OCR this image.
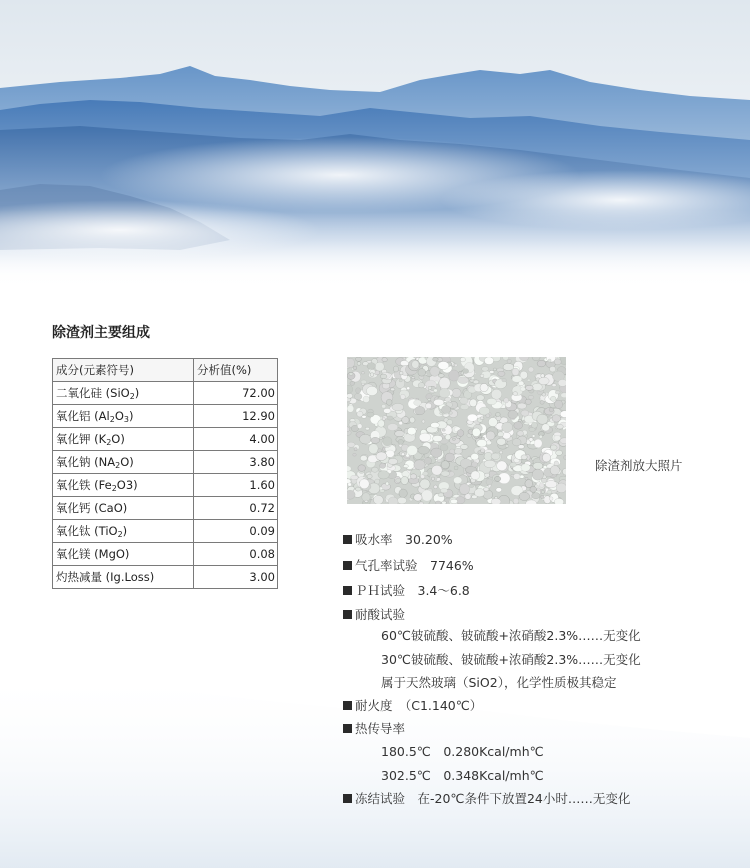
除渣剂主要组成
成分(元素符号)	分析值(%)
二氧化硅 (SiO$_2$)	72.00
氧化铝 $(Al_2O_3)$	12.90
氧化钾 $(K_2O)$	4.00
氧化钠 $(NA_2O)$	3.80
氧化铁 $(Fe_2O3)$	1.60
氧化钙 (CaO)	0.72
氧化钛 (TiO$_2$)	0.09
氧化镁 (MgO)	0.08
灼热减量 (Ig.Loss)	3.00
除渣剂放大照片
吸水率　30.20%
气孔率试验　7746%
ＰＨ试验　3.4～6.8
耐酸试验
60℃铍硫酸、铍硫酸+浓硝酸2.3%……无变化
30℃铍硫酸、铍硫酸+浓硝酸2.3%……无变化
属于天然玻璃（SiO2），化学性质极其稳定
耐火度　（C1.140℃）
热传导率
180.5℃　0.280Kcal/mh℃
302.5℃　0.348Kcal/mh℃
冻结试验　在-20℃条件下放置24小时……无变化
